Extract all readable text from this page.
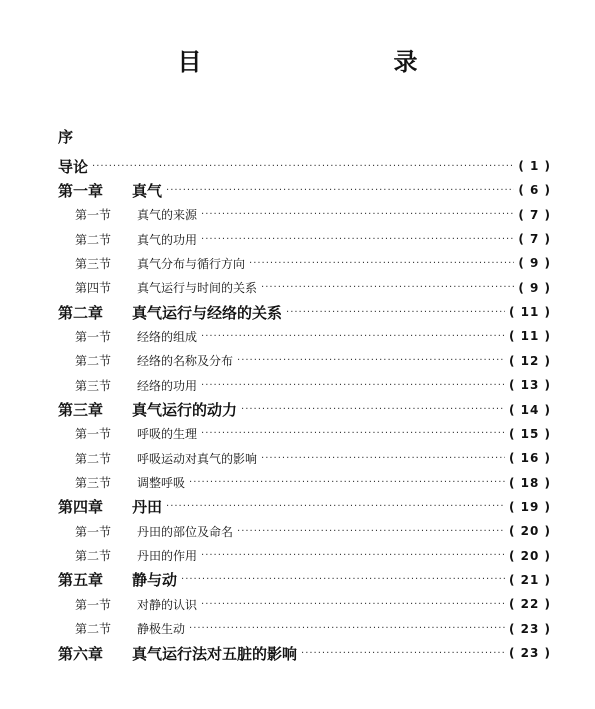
目　　录
序
导论 ·····	( 1 )
第一章	真气 ·····	( 6 )
第一节	真气的来源 ·····	( 7 )
第二节	真气的功用 ·····	( 7 )
第三节	真气分布与循行方向 ·····	( 9 )
第四节	真气运行与时间的关系 ·····	( 9 )
第二章	真气运行与经络的关系 ·····	( 11 )
第一节	经络的组成 ·····	( 11 )
第二节	经络的名称及分布 ·····	( 12 )
第三节	经络的功用 ·····	( 13 )
第三章	真气运行的动力 ·····	( 14 )
第一节	呼吸的生理 ·····	( 15 )
第二节	呼吸运动对真气的影响 ·····	( 16 )
第三节	调整呼吸 ·····	( 18 )
第四章	丹田 ·····	( 19 )
第一节	丹田的部位及命名 ·····	( 20 )
第二节	丹田的作用 ·····	( 20 )
第五章	静与动 ·····	( 21 )
第一节	对静的认识 ·····	( 22 )
第二节	静极生动 ·····	( 23 )
第六章	真气运行法对五脏的影响 ·····	( 23 )
